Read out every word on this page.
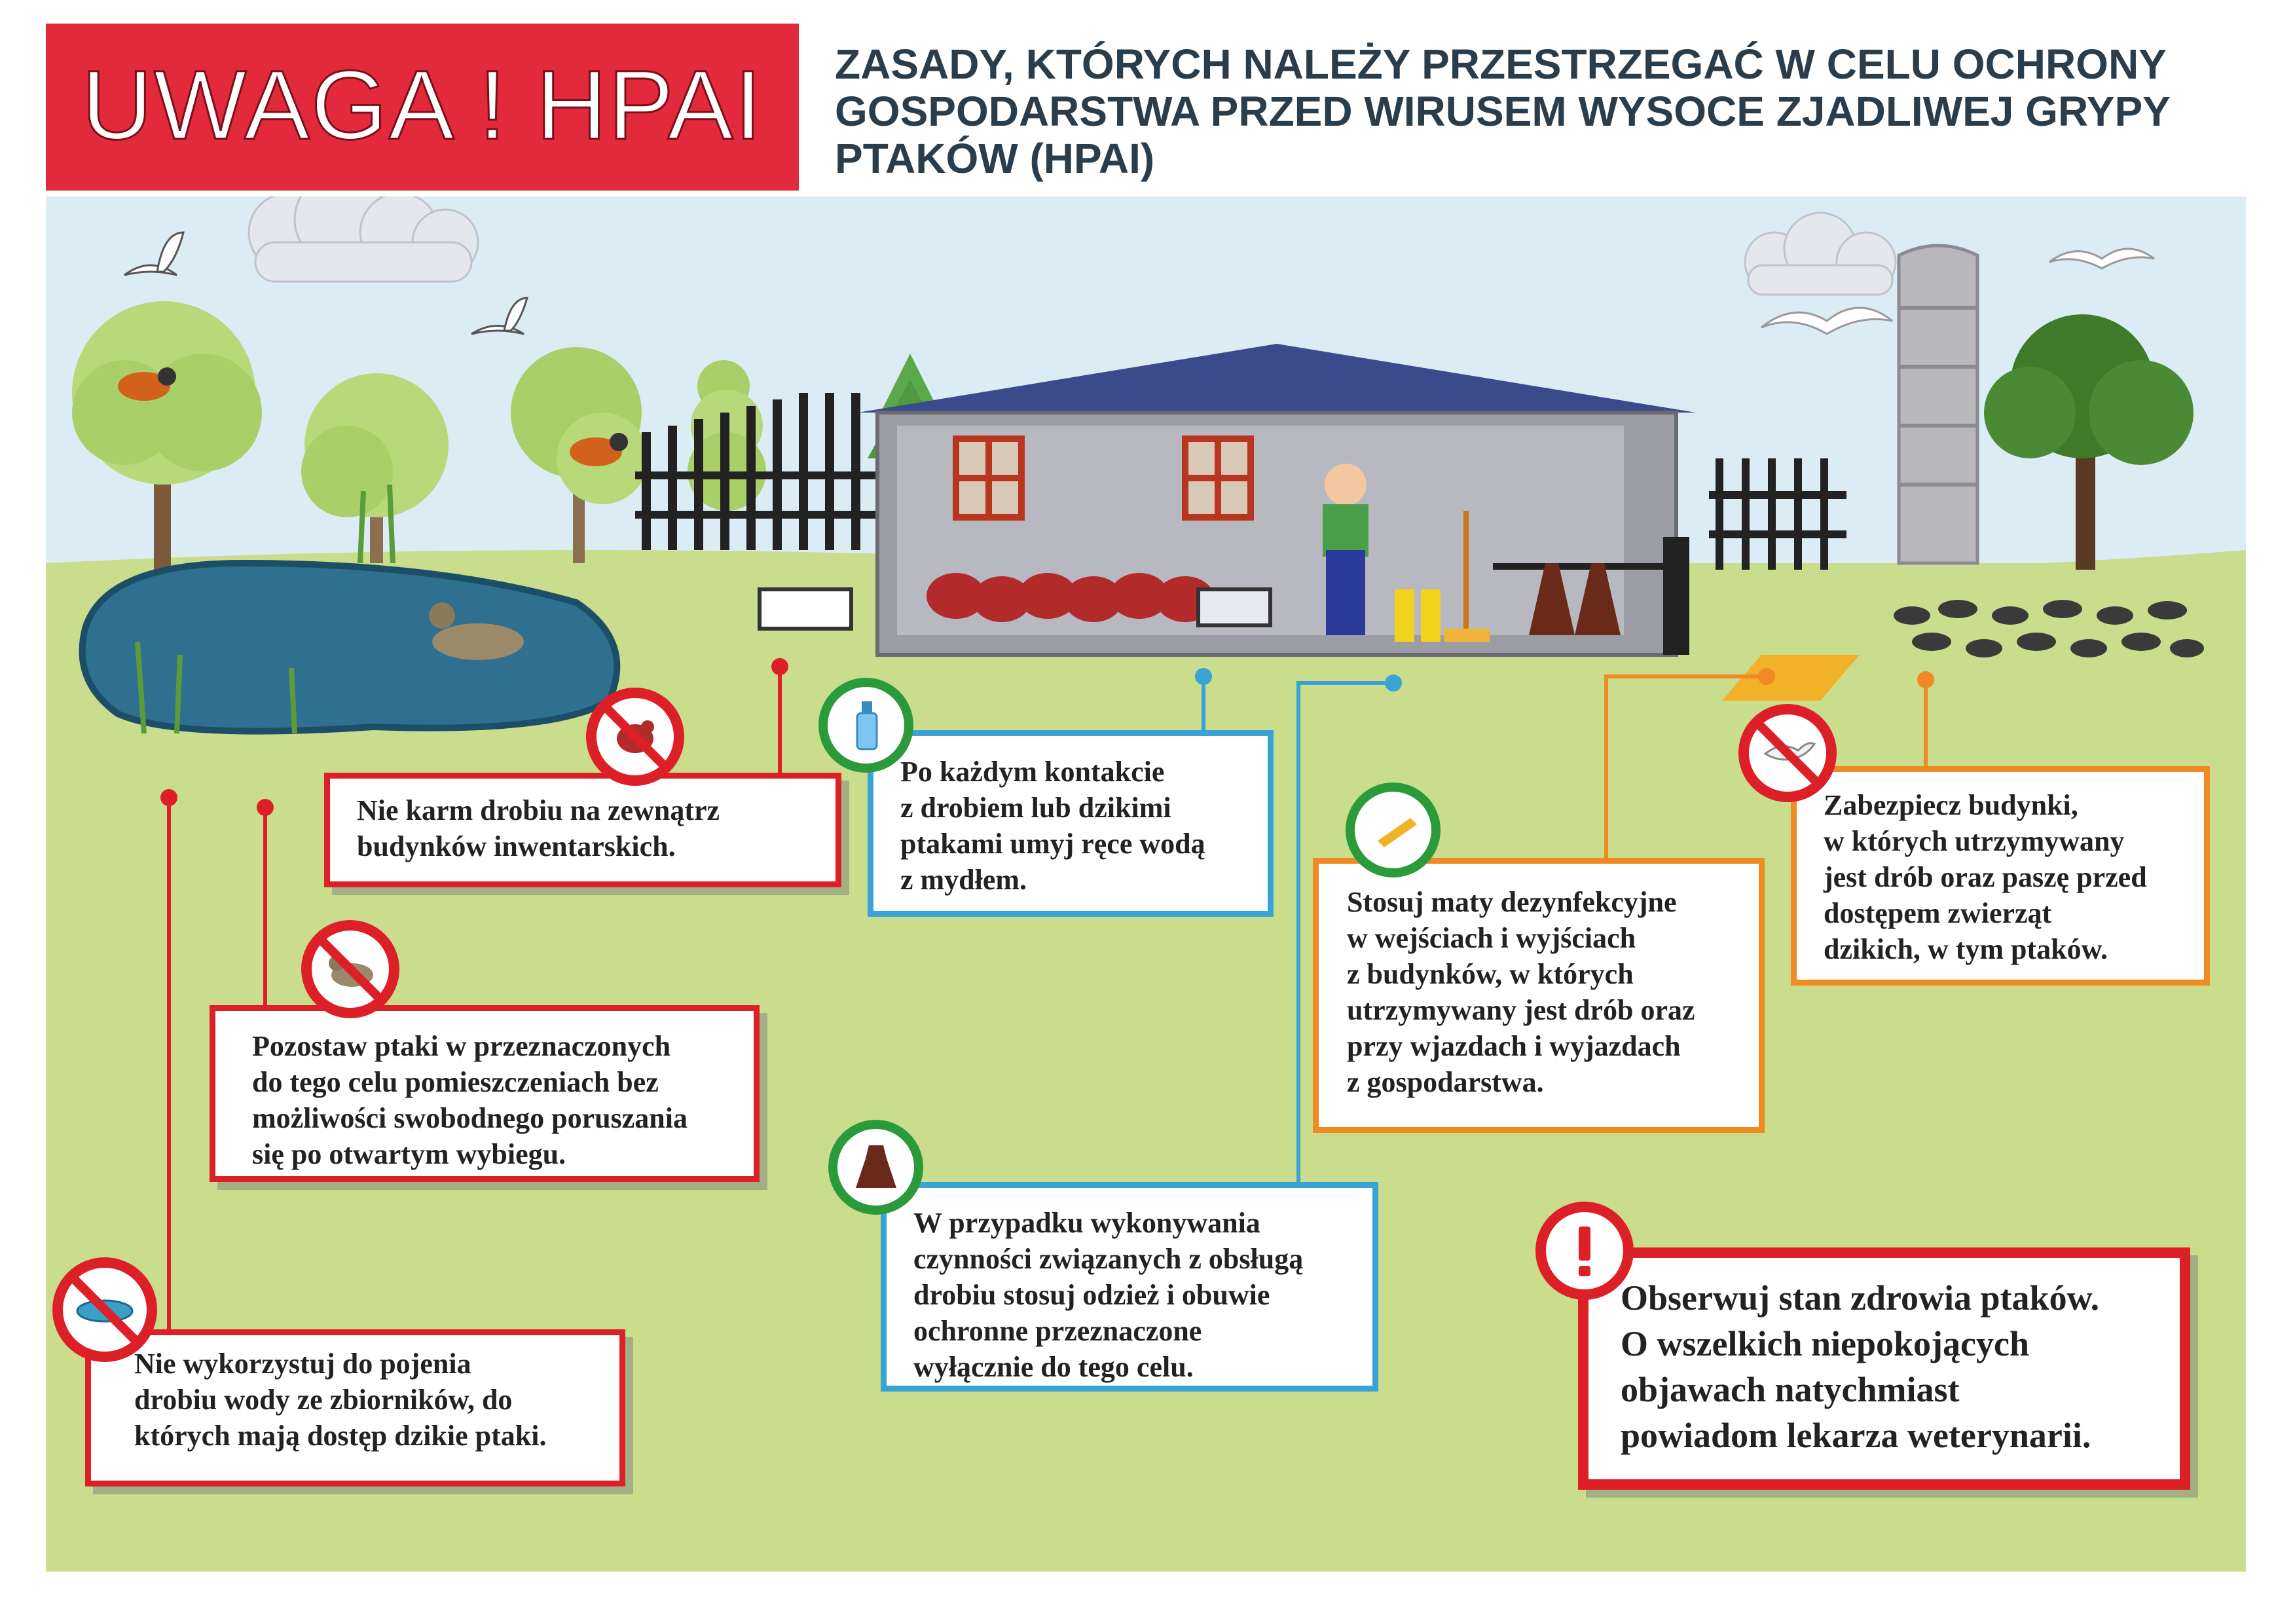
UWAGA ! HPAI	ZASADY, KTÓRYCH NALEŻY PRZESTRZEGAĆ W CELU OCHRONY GOSPODARSTWA PRZED WIRUSEM WYSOCE ZJADLIWEJ GRYPY PTAKÓW (HPAI)
Nie karm drobiu na zewnątrz
budynków inwentarskich.
Po każdym kontakcie
z drobiem lub dzikimi
ptakami umyj ręce wodą
z mydłem.
Stosuj maty dezynfekcyjne
w wejściach i wyjściach
z budynków, w których
utrzymywany jest drób oraz
przy wjazdach i wyjazdach
z gospodarstwa.
Zabezpiecz budynki,
w których utrzymywany
jest drób oraz paszę przed
dostępem zwierząt
dzikich, w tym ptaków.
Pozostaw ptaki w przeznaczonych
do tego celu pomieszczeniach bez
możliwości swobodnego poruszania
się po otwartym wybiegu.
W przypadku wykonywania
czynności związanych z obsługą
drobiu stosuj odzież i obuwie
ochronne przeznaczone
wyłącznie do tego celu.
Nie wykorzystuj do pojenia
drobiu wody ze zbiorników, do
których mają dostęp dzikie ptaki.
Obserwuj stan zdrowia ptaków.
O wszelkich niepokojących
objawach natychmiast
powiadom lekarza weterynarii.
